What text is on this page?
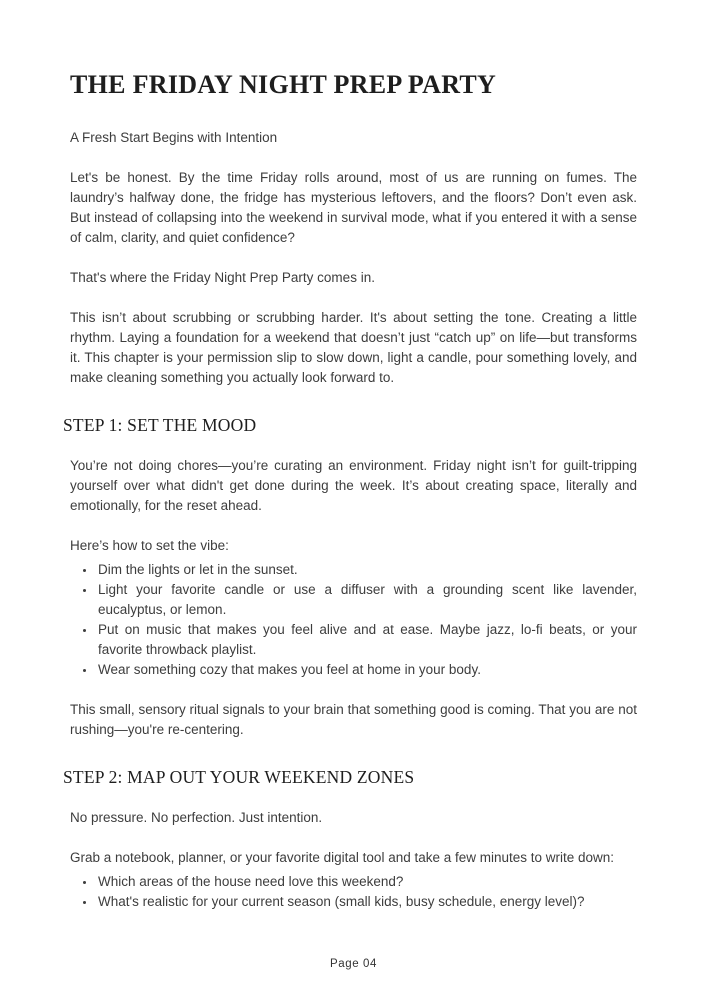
THE FRIDAY NIGHT PREP PARTY

A Fresh Start Begins with Intention

Let's be honest. By the time Friday rolls around, most of us are running on fumes. The laundry’s halfway done, the fridge has mysterious leftovers, and the floors? Don’t even ask. But instead of collapsing into the weekend in survival mode, what if you entered it with a sense of calm, clarity, and quiet confidence?

That's where the Friday Night Prep Party comes in.

This isn’t about scrubbing or scrubbing harder. It's about setting the tone. Creating a little rhythm. Laying a foundation for a weekend that doesn’t just “catch up” on life—but transforms it. This chapter is your permission slip to slow down, light a candle, pour something lovely, and make cleaning something you actually look forward to.

STEP 1: SET THE MOOD

You’re not doing chores—you’re curating an environment. Friday night isn’t for guilt-tripping yourself over what didn't get done during the week. It’s about creating space, literally and emotionally, for the reset ahead.

Here’s how to set the vibe:

• Dim the lights or let in the sunset.
• Light your favorite candle or use a diffuser with a grounding scent like lavender, eucalyptus, or lemon.
• Put on music that makes you feel alive and at ease. Maybe jazz, lo-fi beats, or your favorite throwback playlist.
• Wear something cozy that makes you feel at home in your body.

This small, sensory ritual signals to your brain that something good is coming. That you are not rushing—you're re-centering.

STEP 2: MAP OUT YOUR WEEKEND ZONES

No pressure. No perfection. Just intention.

Grab a notebook, planner, or your favorite digital tool and take a few minutes to write down:

• Which areas of the house need love this weekend?
• What's realistic for your current season (small kids, busy schedule, energy level)?
Page 04
